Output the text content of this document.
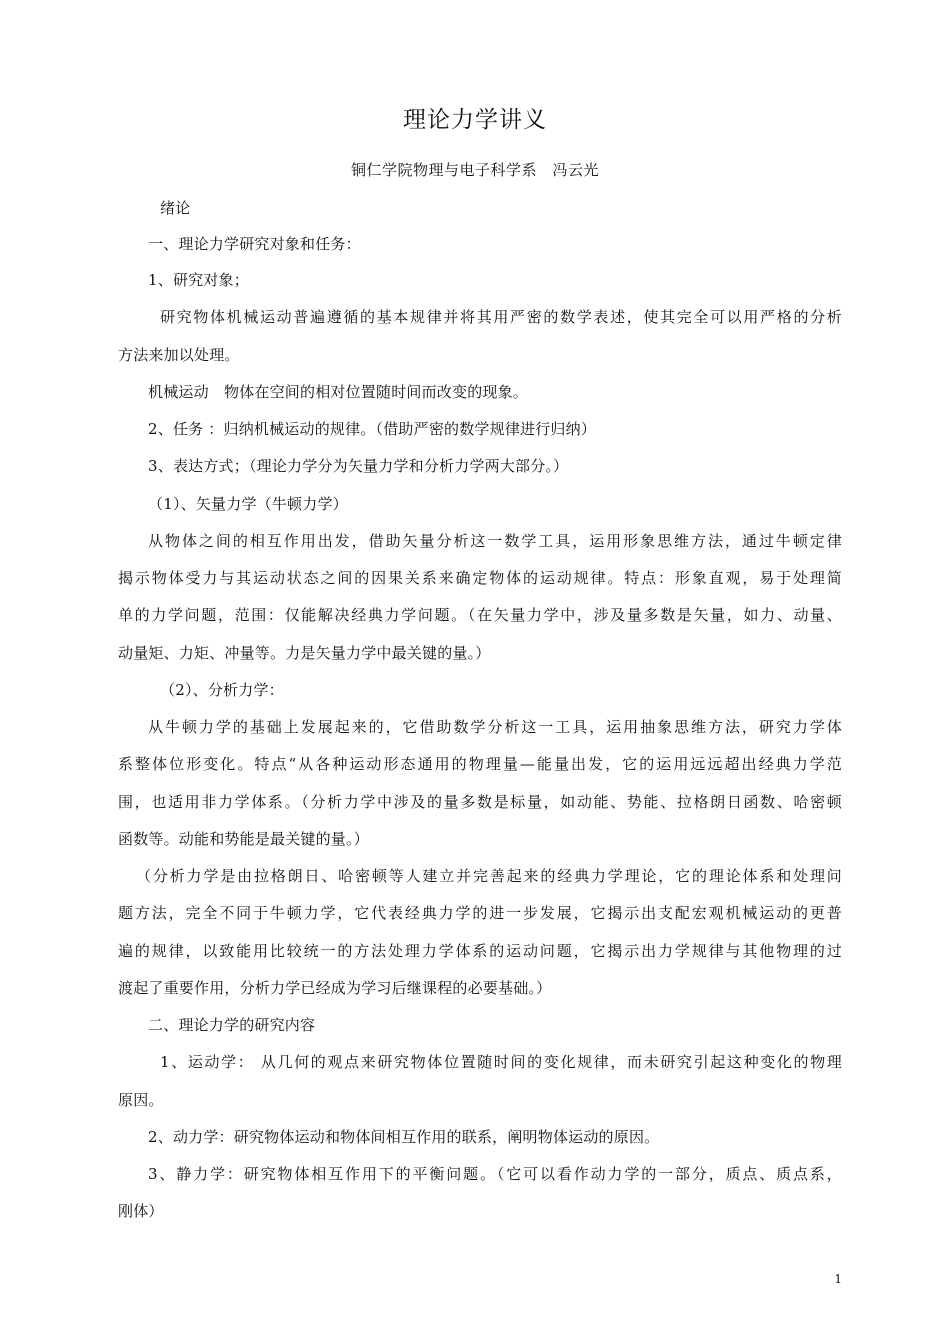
理论力学讲义
铜仁学院物理与电子科学系　冯云光
绪论
一、理论力学研究对象和任务：
1、研究对象；
研究物体机械运动普遍遵循的基本规律并将其用严密的数学表述，使其完全可以用严格的分析
方法来加以处理。
机械运动　物体在空间的相对位置随时间而改变的现象。
2、任务 ：归纳机械运动的规律。（借助严密的数学规律进行归纳）
3、表达方式；（理论力学分为矢量力学和分析力学两大部分。）
（1）、矢量力学（牛顿力学）
从物体之间的相互作用出发，借助矢量分析这一数学工具，运用形象思维方法，通过牛顿定律
揭示物体受力与其运动状态之间的因果关系来确定物体的运动规律。特点：形象直观，易于处理简
单的力学问题，范围：仅能解决经典力学问题。（在矢量力学中，涉及量多数是矢量，如力、动量、
动量矩、力矩、冲量等。力是矢量力学中最关键的量。）
（2）、分析力学：
从牛顿力学的基础上发展起来的，它借助数学分析这一工具，运用抽象思维方法，研究力学体
系整体位形变化。特点“从各种运动形态通用的物理量—能量出发，它的运用远远超出经典力学范
围，也适用非力学体系。（分析力学中涉及的量多数是标量，如动能、势能、拉格朗日函数、哈密顿
函数等。动能和势能是最关键的量。）
（分析力学是由拉格朗日、哈密顿等人建立并完善起来的经典力学理论，它的理论体系和处理问
题方法，完全不同于牛顿力学，它代表经典力学的进一步发展，它揭示出支配宏观机械运动的更普
遍的规律，以致能用比较统一的方法处理力学体系的运动问题，它揭示出力学规律与其他物理的过
渡起了重要作用，分析力学已经成为学习后继课程的必要基础。）
二、理论力学的研究内容
1、运动学： 从几何的观点来研究物体位置随时间的变化规律，而未研究引起这种变化的物理
原因。
2、动力学：研究物体运动和物体间相互作用的联系，阐明物体运动的原因。
3、静力学：研究物体相互作用下的平衡问题。（它可以看作动力学的一部分，质点、质点系，
刚体）
1
